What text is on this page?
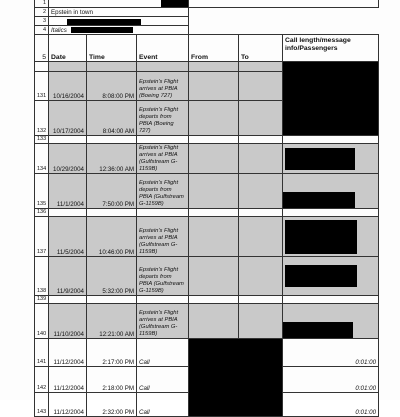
1					

2	Epstein in town					
3					

4	Italics					
5	Date	Time	Event	From	To	Call length/message info/Passengers

131	10/16/2004	8:08:00 PM	Epstein's Flight arrives at PBIA (Boeing 727)			
132	10/17/2004	8:04:00 AM	Epstein's Flight departs from PBIA (Boeing 727)			
133						
134	10/29/2004	12:36:00 AM	Epstein's Flight arrives at PBIA (Gulfstream G-1159B)			

135	11/1/2004	7:50:00 PM	Epstein's Flight departs from PBIA (Gulfstream G-1159B)			

136						
137	11/5/2004	10:46:00 PM	Epstein's Flight arrives at PBIA (Gulfstream G-1159B)			

138	11/9/2004	5:32:00 PM	Epstein's Flight departs from PBIA (Gulfstream G-1159B)			

139						
140	11/10/2004	12:21:00 AM	Epstein's Flight arrives at PBIA (Gulfstream G-1159B)			

141	11/12/2004	2:17:00 PM	Call			0:01:00
142	11/12/2004	2:18:00 PM	Call			0:01:00
143	11/12/2004	2:32:00 PM	Call			0:01:00
